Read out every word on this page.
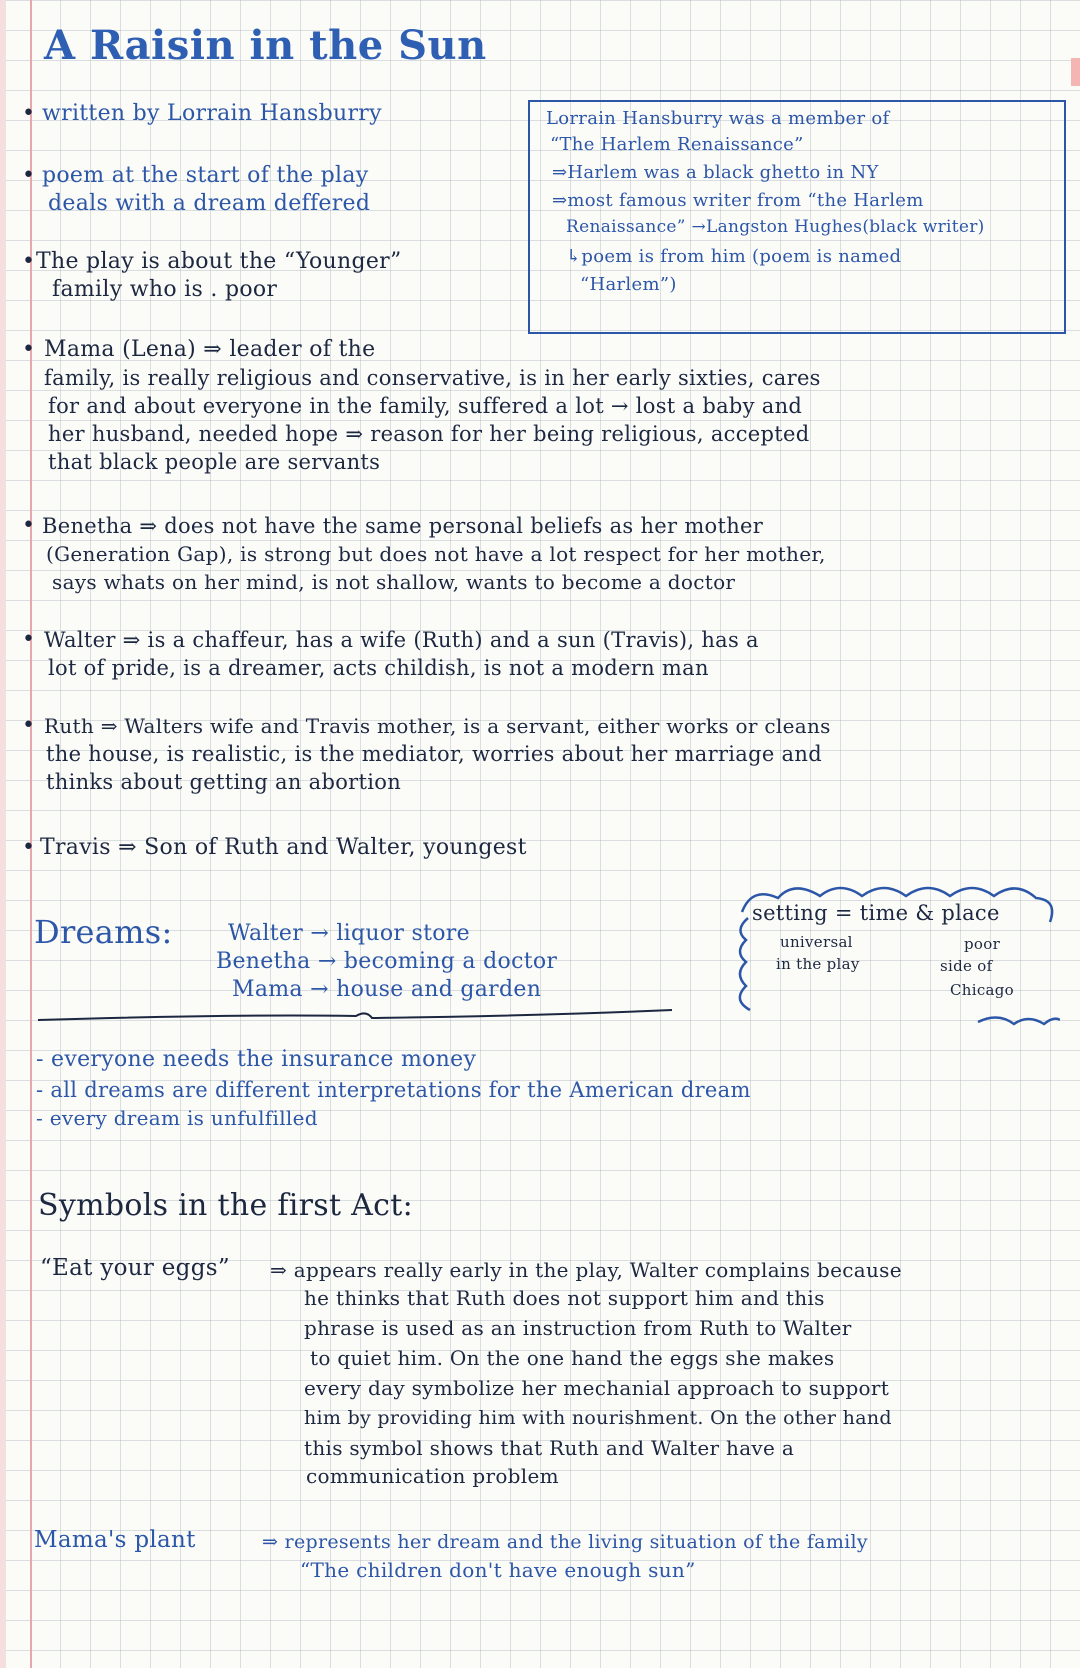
A Raisin in the Sun
• written by Lorrain Hansburry
• poem at the start of the play
deals with a dream deffered
• The play is about the “Younger”
family who is . poor
Lorrain Hansburry was a member of
“The Harlem Renaissance”
⇒Harlem was a black ghetto in NY
⇒most famous writer from “the Harlem
Renaissance” →Langston Hughes(black writer)
↳poem is from him (poem is named
“Harlem”)
• Mama (Lena) ⇒ leader of the
family, is really religious and conservative, is in her early sixties, cares
for and about everyone in the family, suffered a lot → lost a baby and
her husband, needed hope ⇒ reason for her being religious, accepted
that black people are servants
• Benetha ⇒ does not have the same personal beliefs as her mother
(Generation Gap), is strong but does not have a lot respect for her mother,
says whats on her mind, is not shallow, wants to become a doctor
• Walter ⇒ is a chaffeur, has a wife (Ruth) and a sun (Travis), has a
lot of pride, is a dreamer, acts childish, is not a modern man
• Ruth ⇒ Walters wife and Travis mother, is a servant, either works or cleans
the house, is realistic, is the mediator, worries about her marriage and
thinks about getting an abortion
• Travis ⇒ Son of Ruth and Walter, youngest
Dreams:	Walter → liquor store
Benetha → becoming a doctor
Mama → house and garden
- everyone needs the insurance money
- all dreams are different interpretations for the American dream
- every dream is unfulfilled
setting = time & place
universal
in the play
poor
side of
Chicago
Symbols in the first Act:
“Eat your eggs” ⇒ appears really early in the play, Walter complains because
he thinks that Ruth does not support him and this
phrase is used as an instruction from Ruth to Walter
to quiet him. On the one hand the eggs she makes
every day symbolize her mechanial approach to support
him by providing him with nourishment. On the other hand
this symbol shows that Ruth and Walter have a
communication problem
Mama's plant	⇒ represents her dream and the living situation of the family
“The children don't have enough sun”
